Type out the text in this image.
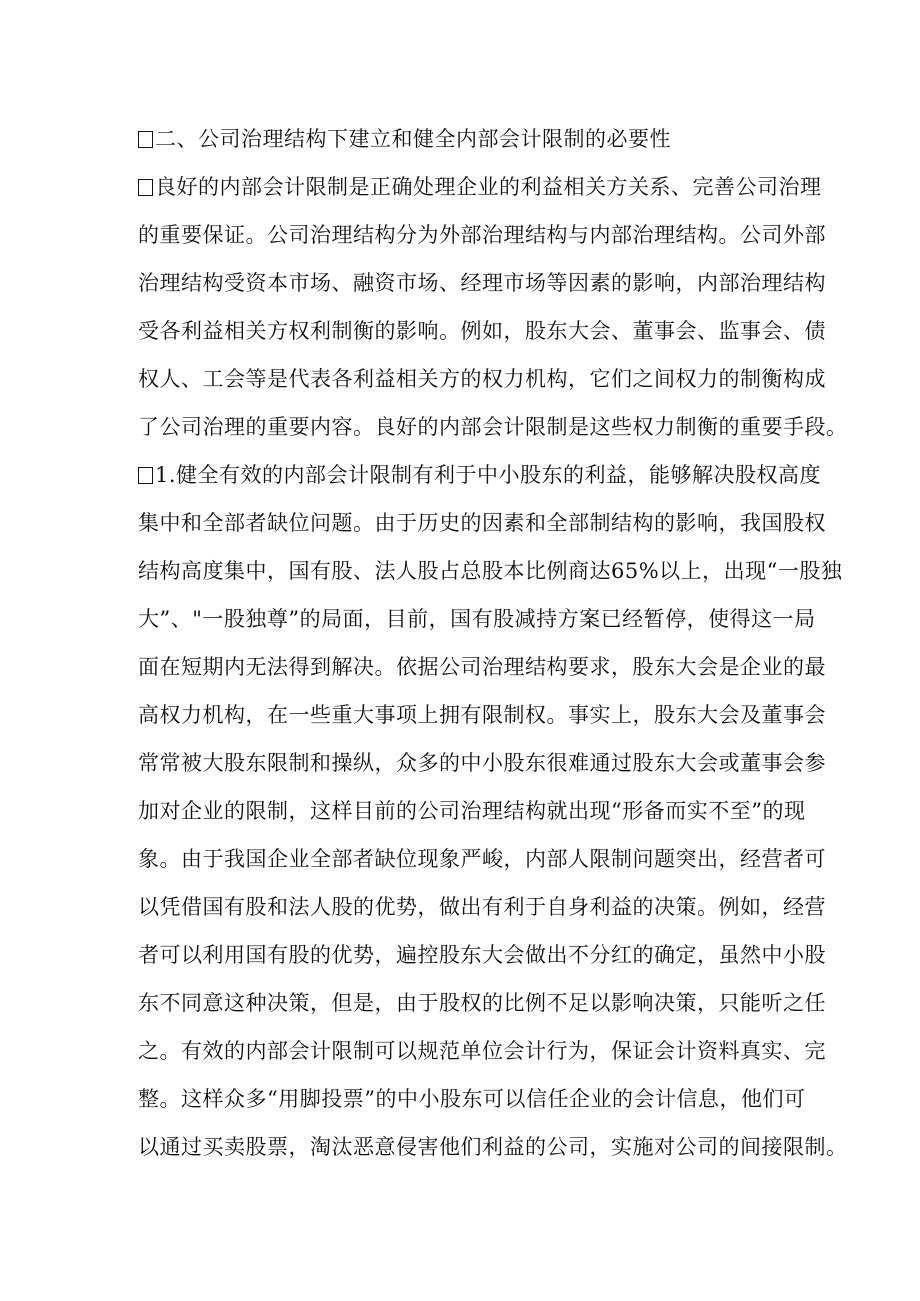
二、公司治理结构下建立和健全内部会计限制的必要性
良好的内部会计限制是正确处理企业的利益相关方关系、完善公司治理
的重要保证。公司治理结构分为外部治理结构与内部治理结构。公司外部
治理结构受资本市场、融资市场、经理市场等因素的影响，内部治理结构
受各利益相关方权利制衡的影响。例如，股东大会、董事会、监事会、债
权人、工会等是代表各利益相关方的权力机构，它们之间权力的制衡构成
了公司治理的重要内容。良好的内部会计限制是这些权力制衡的重要手段。
1.健全有效的内部会计限制有利于中小股东的利益，能够解决股权高度
集中和全部者缺位问题。由于历史的因素和全部制结构的影响，我国股权
结构高度集中，国有股、法人股占总股本比例商达65%以上，出现“一股独
大”、"一股独尊”的局面，目前，国有股减持方案已经暂停，使得这一局
面在短期内无法得到解决。依据公司治理结构要求，股东大会是企业的最
高权力机构，在一些重大事项上拥有限制权。事实上，股东大会及董事会
常常被大股东限制和操纵，众多的中小股东很难通过股东大会或董事会参
加对企业的限制，这样目前的公司治理结构就出现“形备而实不至”的现
象。由于我国企业全部者缺位现象严峻，内部人限制问题突出，经营者可
以凭借国有股和法人股的优势，做出有利于自身利益的决策。例如，经营
者可以利用国有股的优势，遍控股东大会做出不分红的确定，虽然中小股
东不同意这种决策，但是，由于股权的比例不足以影响决策，只能听之任
之。有效的内部会计限制可以规范单位会计行为，保证会计资料真实、完
整。这样众多“用脚投票”的中小股东可以信任企业的会计信息，他们可
以通过买卖股票，淘汰恶意侵害他们利益的公司，实施对公司的间接限制。
